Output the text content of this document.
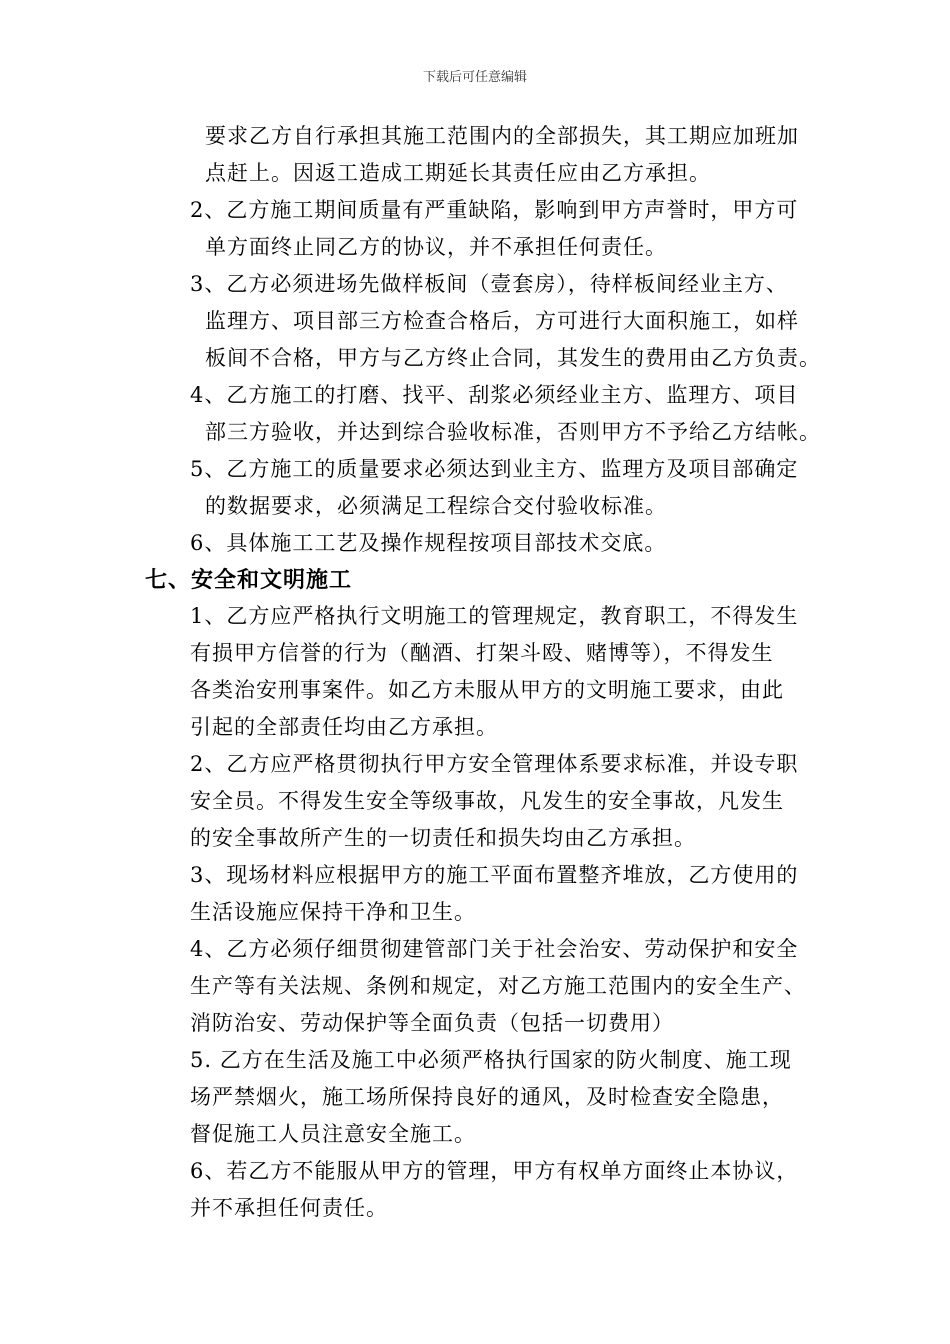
下载后可任意编辑
要求乙方自行承担其施工范围内的全部损失，其工期应加班加
点赶上。因返工造成工期延长其责任应由乙方承担。
2、乙方施工期间质量有严重缺陷，影响到甲方声誉时，甲方可
单方面终止同乙方的协议，并不承担任何责任。
3、乙方必须进场先做样板间（壹套房），待样板间经业主方、
监理方、项目部三方检查合格后，方可进行大面积施工，如样
板间不合格，甲方与乙方终止合同，其发生的费用由乙方负责。
4、乙方施工的打磨、找平、刮浆必须经业主方、监理方、项目
部三方验收，并达到综合验收标准，否则甲方不予给乙方结帐。
5、乙方施工的质量要求必须达到业主方、监理方及项目部确定
的数据要求，必须满足工程综合交付验收标准。
6、具体施工工艺及操作规程按项目部技术交底。
七、安全和文明施工
1、乙方应严格执行文明施工的管理规定，教育职工，不得发生
有损甲方信誉的行为（酗酒、打架斗殴、赌博等），不得发生
各类治安刑事案件。如乙方未服从甲方的文明施工要求，由此
引起的全部责任均由乙方承担。
2、乙方应严格贯彻执行甲方安全管理体系要求标准，并设专职
安全员。不得发生安全等级事故，凡发生的安全事故，凡发生
的安全事故所产生的一切责任和损失均由乙方承担。
3、现场材料应根据甲方的施工平面布置整齐堆放，乙方使用的
生活设施应保持干净和卫生。
4、乙方必须仔细贯彻建管部门关于社会治安、劳动保护和安全
生产等有关法规、条例和规定，对乙方施工范围内的安全生产、
消防治安、劳动保护等全面负责（包括一切费用）
5. 乙方在生活及施工中必须严格执行国家的防火制度、施工现
场严禁烟火，施工场所保持良好的通风，及时检查安全隐患，
督促施工人员注意安全施工。
6、若乙方不能服从甲方的管理，甲方有权单方面终止本协议，
并不承担任何责任。
